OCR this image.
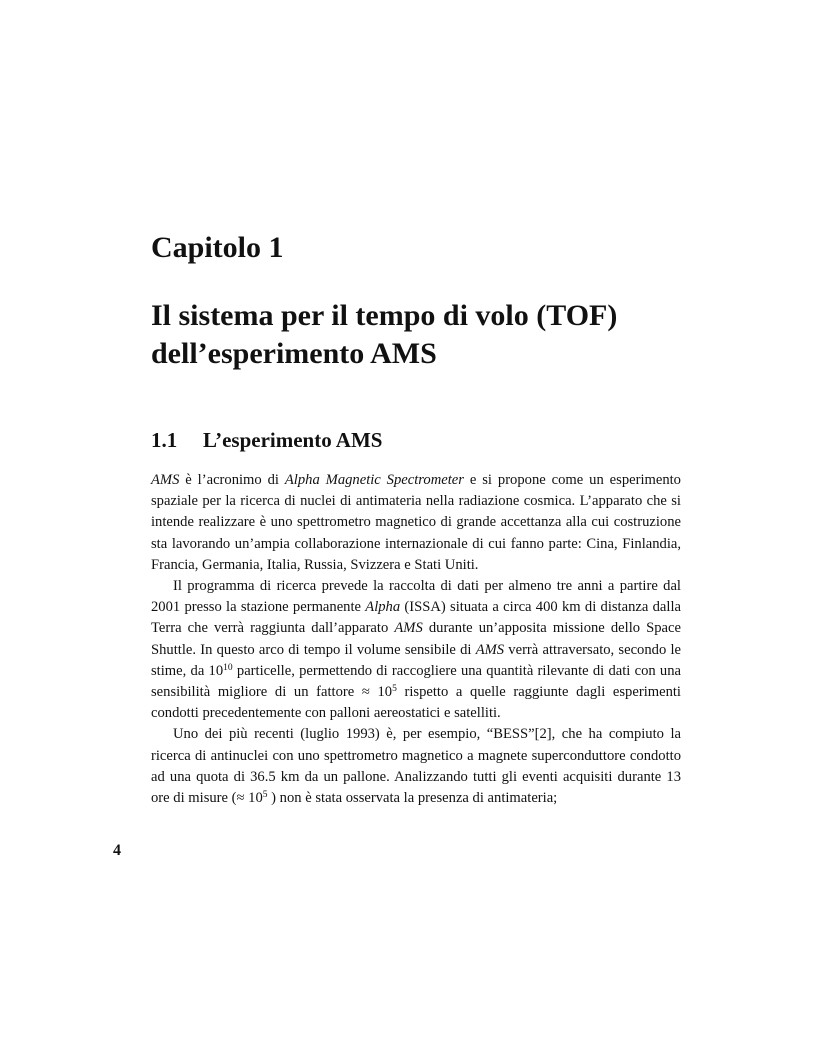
Capitolo 1
Il sistema per il tempo di volo (TOF) dell’esperimento AMS
1.1 L’esperimento AMS

AMS è l’acronimo di Alpha Magnetic Spectrometer e si propone come un esperimento spaziale per la ricerca di nuclei di antimateria nella radiazione cosmica. L’apparato che si intende realizzare è uno spettrometro magnetico di grande accettanza alla cui costruzione sta lavorando un’ampia collaborazione internazionale di cui fanno parte: Cina, Finlandia, Francia, Germania, Italia, Russia, Svizzera e Stati Uniti.

Il programma di ricerca prevede la raccolta di dati per almeno tre anni a partire dal 2001 presso la stazione permanente Alpha (ISSA) situata a circa 400 km di distanza dalla Terra che verrà raggiunta dall’apparato AMS durante un’apposita missione dello Space Shuttle. In questo arco di tempo il volume sensibile di AMS verrà attraversato, secondo le stime, da $10^{10}$ particelle, permettendo di raccogliere una quantità rilevante di dati con una sensibilità migliore di un fattore ≈ $10^5$ rispetto a quelle raggiunte dagli esperimenti condotti precedentemente con palloni aereostatici e satelliti.

Uno dei più recenti (luglio 1993) è, per esempio, “BESS”[2], che ha compiuto la ricerca di antinuclei con uno spettrometro magnetico a magnete superconduttore condotto ad una quota di 36.5 km da un pallone. Analizzando tutti gli eventi acquisiti durante 13 ore di misure (≈ $10^5$ ) non è stata osservata la presenza di antimateria;

4
